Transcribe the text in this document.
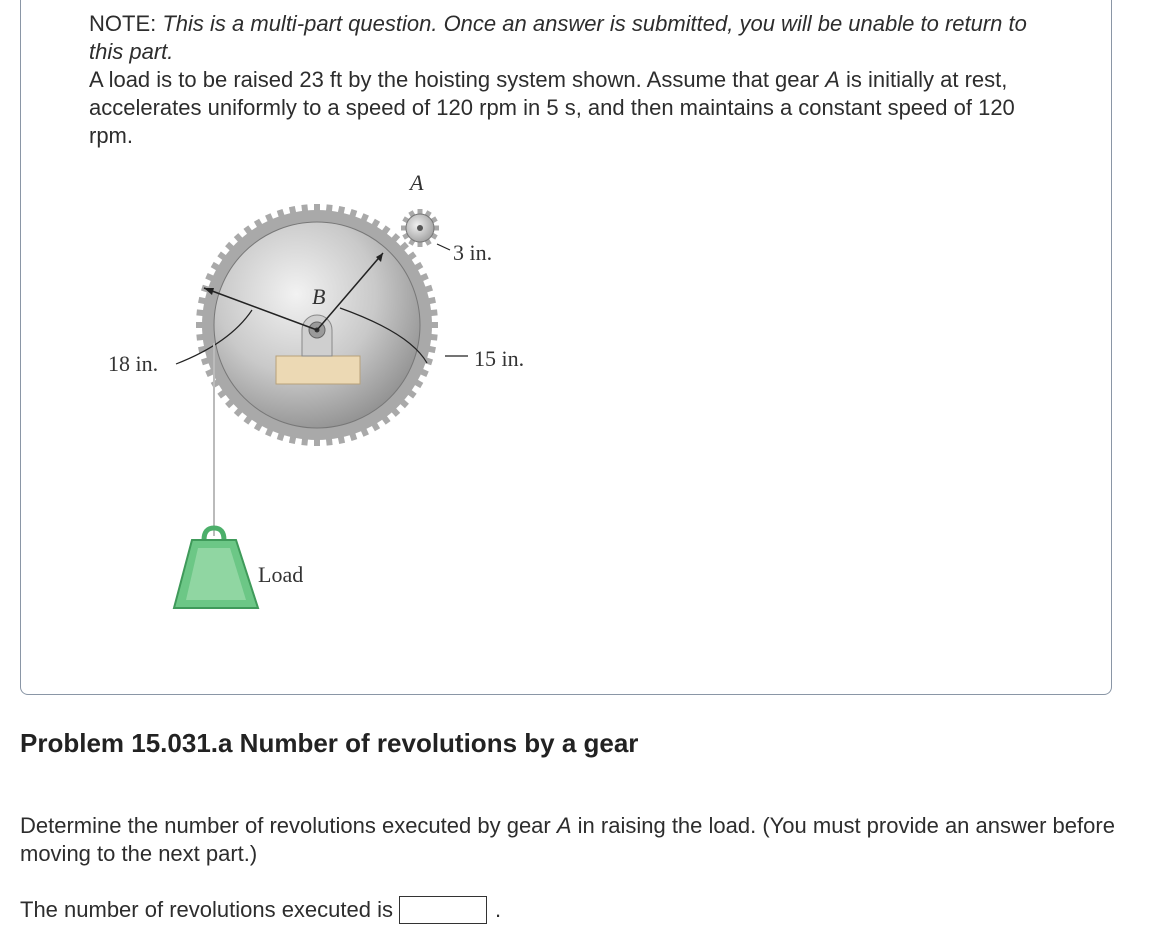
NOTE: This is a multi-part question. Once an answer is submitted, you will be unable to return to this part.
A load is to be raised 23 ft by the hoisting system shown. Assume that gear A is initially at rest, accelerates uniformly to a speed of 120 rpm in 5 s, and then maintains a constant speed of 120 rpm.
A
B
3 in.
15 in.
18 in.
Load
Problem 15.031.a Number of revolutions by a gear
Determine the number of revolutions executed by gear A in raising the load. (You must provide an answer before moving to the next part.)
The number of revolutions executed is	.
